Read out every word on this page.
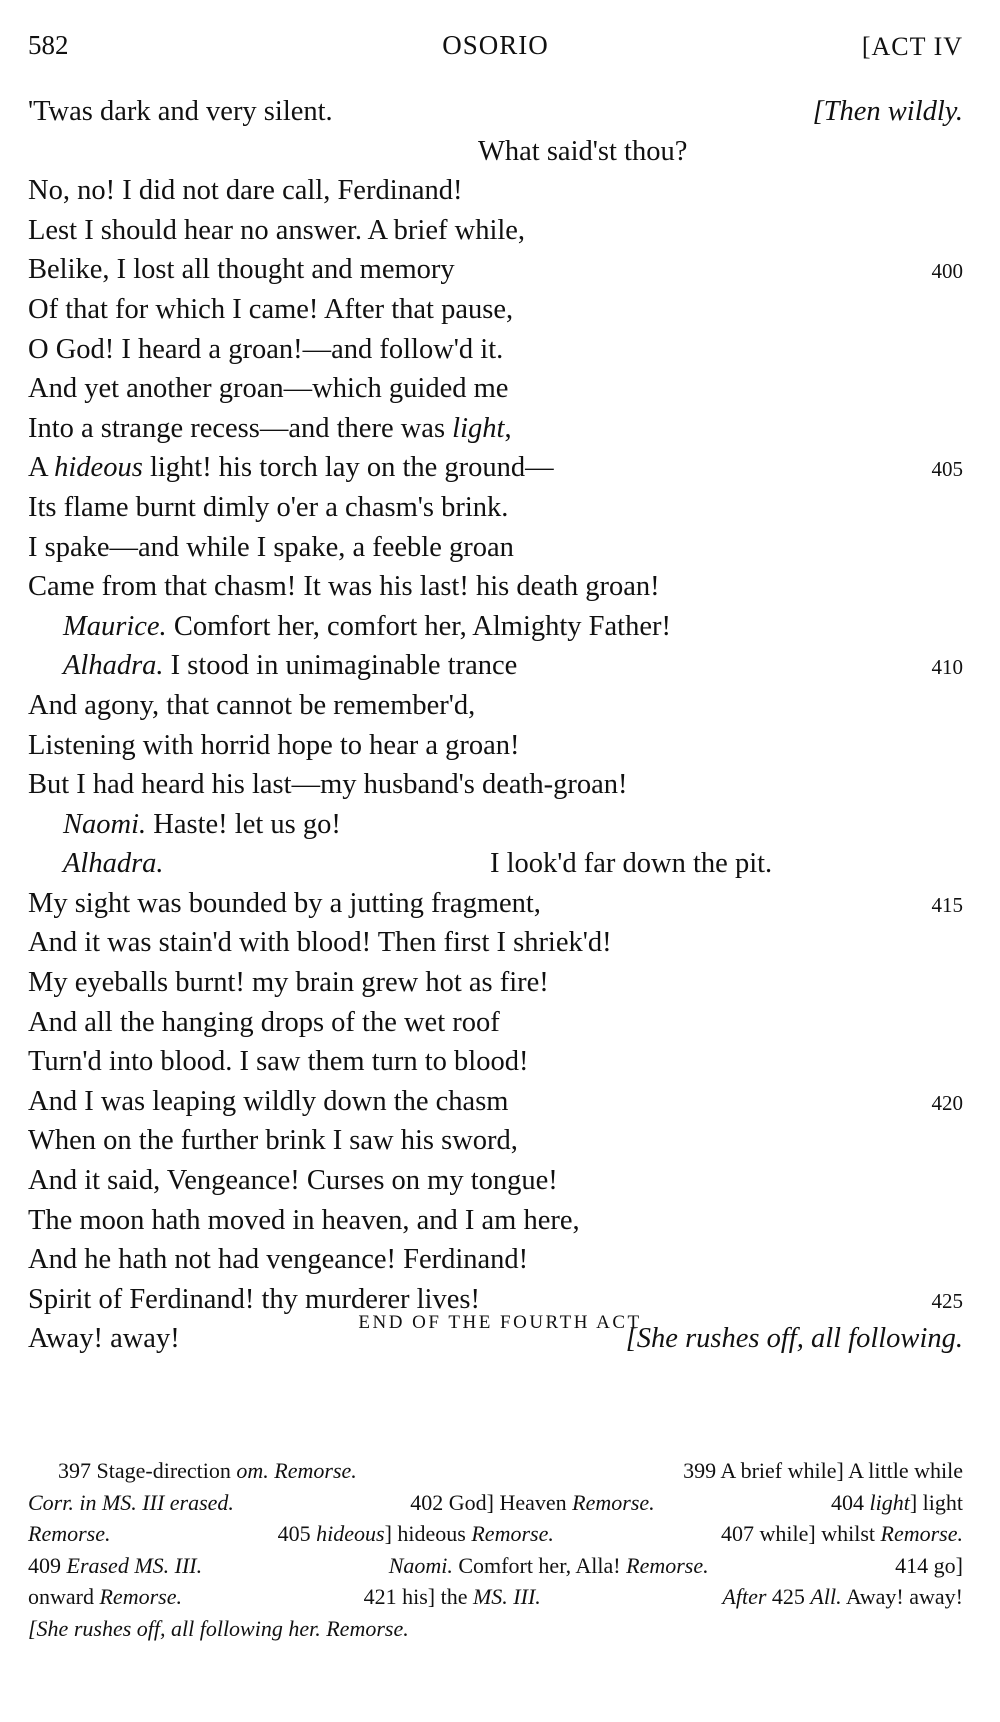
582	OSORIO	[ACT IV
'Twas dark and very silent.	[Then wildly.
What said'st thou?
No, no! I did not dare call, Ferdinand!
Lest I should hear no answer. A brief while,
Belike, I lost all thought and memory	400
Of that for which I came! After that pause,
O God! I heard a groan!—and follow'd it.
And yet another groan—which guided me
Into a strange recess—and there was light,
A hideous light! his torch lay on the ground—	405
Its flame burnt dimly o'er a chasm's brink.
I spake—and while I spake, a feeble groan
Came from that chasm! It was his last! his death groan!
Maurice. Comfort her, comfort her, Almighty Father!
Alhadra. I stood in unimaginable trance	410
And agony, that cannot be remember'd,
Listening with horrid hope to hear a groan!
But I had heard his last—my husband's death-groan!
Naomi. Haste! let us go!
Alhadra.	I look'd far down the pit.
My sight was bounded by a jutting fragment,	415
And it was stain'd with blood! Then first I shriek'd!
My eyeballs burnt! my brain grew hot as fire!
And all the hanging drops of the wet roof
Turn'd into blood. I saw them turn to blood!
And I was leaping wildly down the chasm	420
When on the further brink I saw his sword,
And it said, Vengeance! Curses on my tongue!
The moon hath moved in heaven, and I am here,
And he hath not had vengeance! Ferdinand!
Spirit of Ferdinand! thy murderer lives!	425
Away! away!	[She rushes off, all following.
END OF THE FOURTH ACT
397 Stage-direction om. Remorse.	399 A brief while] A little while
Corr. in MS. III erased.	402 God] Heaven Remorse.	404 light] light
Remorse.	405 hideous] hideous Remorse.	407 while] whilst Remorse.
409 Erased MS. III.	Naomi. Comfort her, Alla! Remorse.	414 go]
onward Remorse.	421 his] the MS. III.	After 425 All. Away! away!
[She rushes off, all following her. Remorse.
